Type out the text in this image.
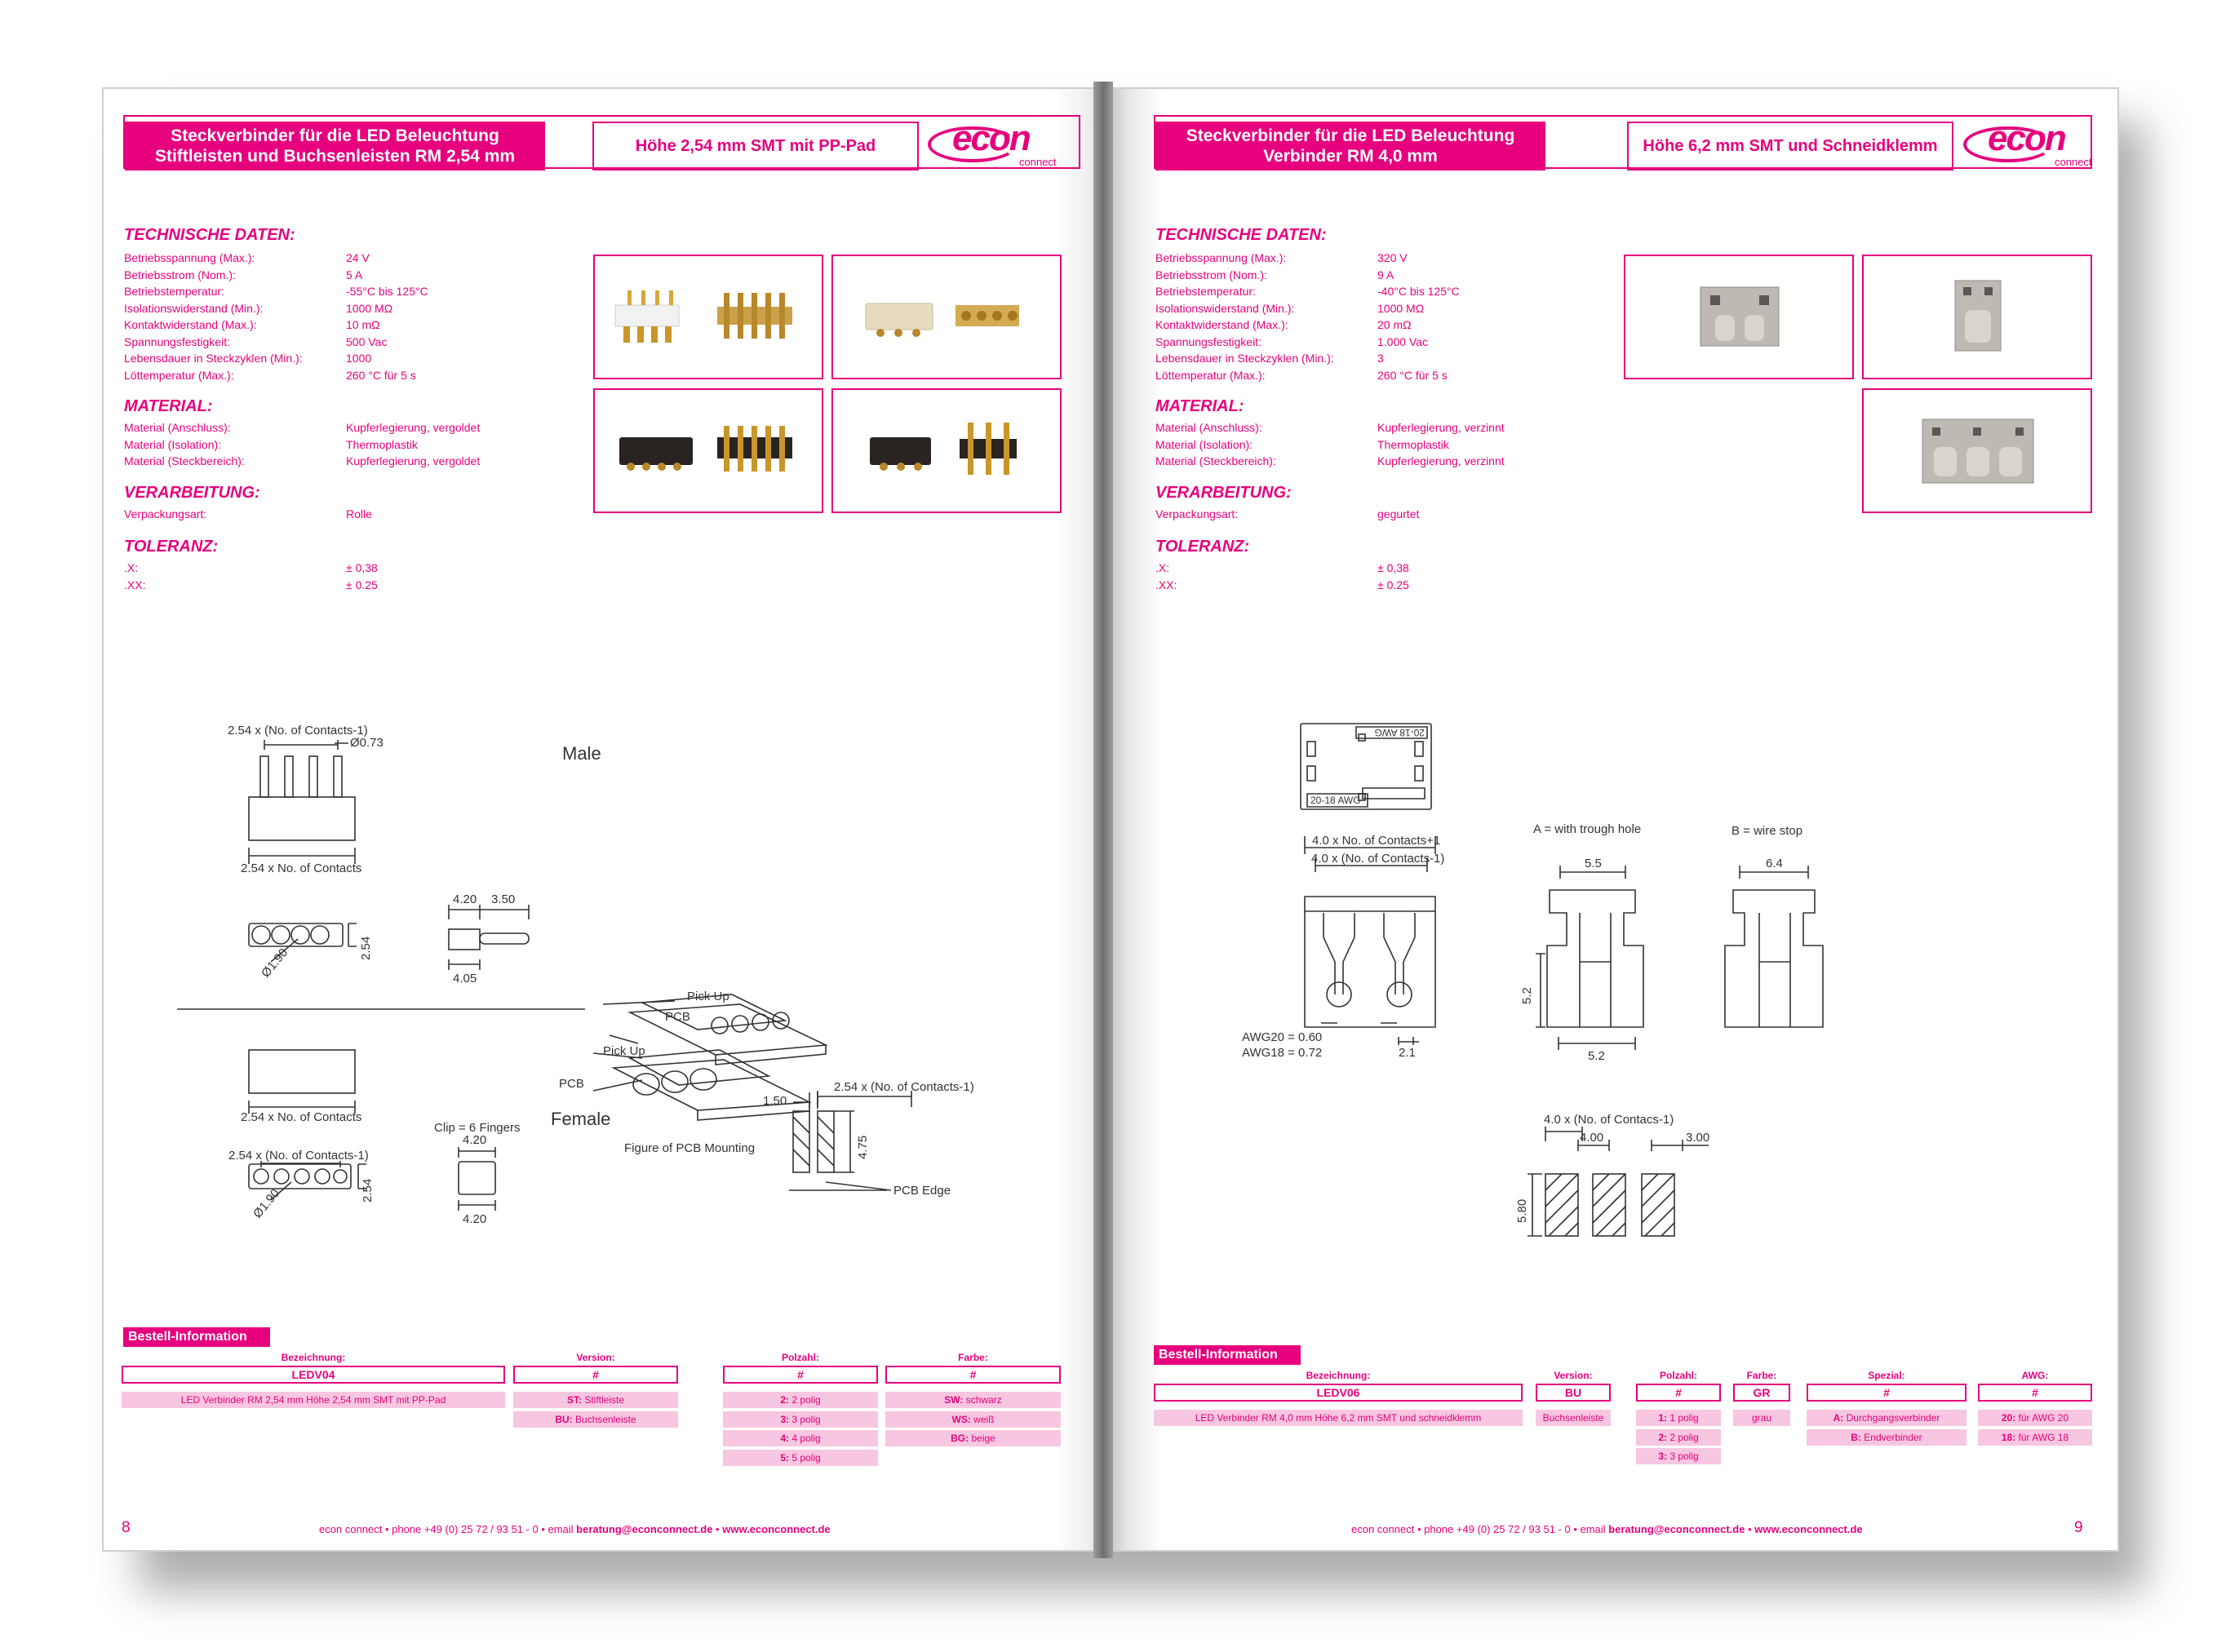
Steckverbinder für die LED Beleuchtung
Stiftleisten und Buchsenleisten RM 2,54 mm
Höhe 2,54 mm SMT mit PP-Pad	econ
connect
TECHNISCHE DATEN:
Betriebsspannung (Max.):	24 V
Betriebsstrom (Nom.):	5 A
Betriebstemperatur:	-55°C bis 125°C
Isolationswiderstand (Min.):	1000 MΩ
Kontaktwiderstand (Max.):	10 mΩ
Spannungsfestigkeit:	500 Vac
Lebensdauer in Steckzyklen (Min.):	1000
Löttemperatur (Max.):	260 °C für 5 s
MATERIAL:
Material (Anschluss):	Kupferlegierung, vergoldet
Material (Isolation):	Thermoplastik
Material (Steckbereich):	Kupferlegierung, vergoldet
VERARBEITUNG:
Verpackungsart:	Rolle
TOLERANZ:
.X:	± 0,38
.XX:	± 0.25
2.54 x (No. of Contacts-1)
Ø0.73
2.54 x No. of Contacts
4.20 3.50
4.05
2.54
Ø1.90
2.54 x No. of Contacts
Clip = 6 Fingers
2.54 x (No. of Contacts-1)
4.20
4.20
2.54
Ø1.90
Pick Up
PCB
Pick Up
PCB
Figure of PCB Mounting
1.50
2.54 x (No. of Contacts-1)
4.75
PCB Edge
Male
Female
Bestell-Information
Bezeichnung:
LEDV04
LED Verbinder RM 2,54 mm Höhe 2,54 mm SMT mit PP-Pad
Version:
#
ST: Stiftleiste
BU: Buchsenleiste
Polzahl:
#
2: 2 polig
3: 3 polig
4: 4 polig
5: 5 polig
Farbe:
#
SW: schwarz
WS: weiß
BG: beige
8	econ connect • phone +49 (0) 25 72 / 93 51 - 0 • email beratung@econconnect.de • www.econconnect.de
Steckverbinder für die LED Beleuchtung
Verbinder RM 4,0 mm
Höhe 6,2 mm SMT und Schneidklemm	econ
connect
TECHNISCHE DATEN:
Betriebsspannung (Max.):	320 V
Betriebsstrom (Nom.):	9 A
Betriebstemperatur:	-40°C bis 125°C
Isolationswiderstand (Min.):	1000 MΩ
Kontaktwiderstand (Max.):	20 mΩ
Spannungsfestigkeit:	1.000 Vac
Lebensdauer in Steckzyklen (Min.):	3
Löttemperatur (Max.):	260 °C für 5 s
MATERIAL:
Material (Anschluss):	Kupferlegierung, verzinnt
Material (Isolation):	Thermoplastik
Material (Steckbereich):	Kupferlegierung, verzinnt
VERARBEITUNG:
Verpackungsart:	gegurtet
TOLERANZ:
.X:	± 0,38
.XX:	± 0.25
20-18 AWG
20-18 AWG
4.0 x No. of Contacts+1
4.0 x (No. of Contacts-1)
AWG20 = 0.60
AWG18 = 0.72	2.1
A = with trough hole	B = wire stop
5.5	6.4
5.2
5.2
4.0 x (No. of Contacs-1)
4.00	3.00
5.80
Bestell-Information
Bezeichnung:
LEDV06
LED Verbinder RM 4,0 mm Höhe 6,2 mm SMT und schneidklemm
Version:
BU
Buchsenleiste
Polzahl:
#
1: 1 polig
2: 2 polig
3: 3 polig
Farbe:
GR
grau
Spezial:
#
A: Durchgangsverbinder
B: Endverbinder
AWG:
#
20: für AWG 20
18: für AWG 18
9
econ connect • phone +49 (0) 25 72 / 93 51 - 0 • email beratung@econconnect.de • www.econconnect.de
